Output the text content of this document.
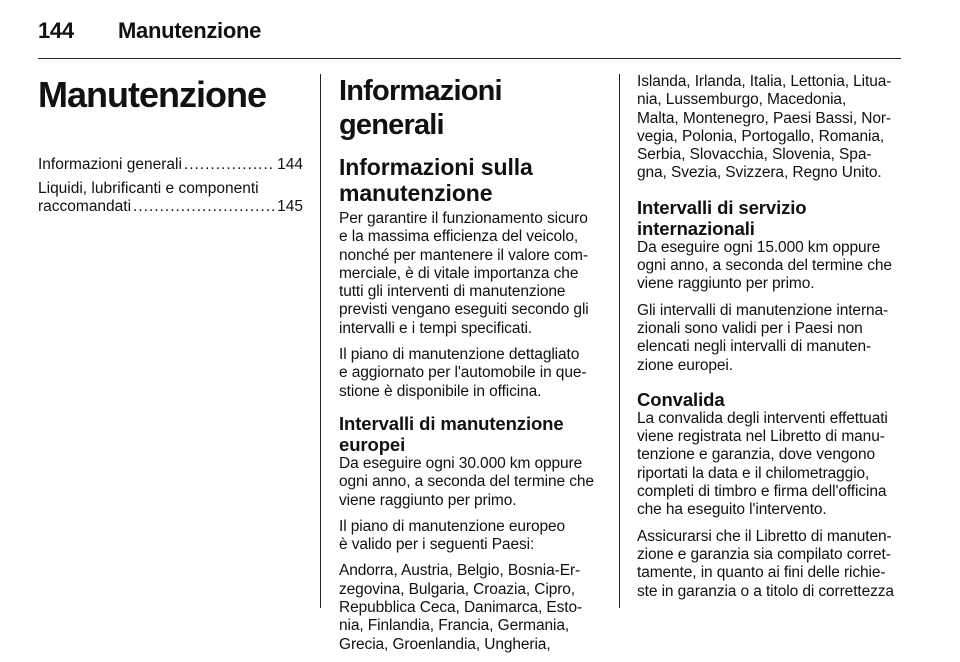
144 Manutenzione
Manutenzione
Informazioni generali .....	144
Liquidi, lubrificanti e componenti
raccomandati .....	145
Informazioni generali
Informazioni sulla
manutenzione
Per garantire il funzionamento sicuro
e la massima efficienza del veicolo,
nonché per mantenere il valore com-
merciale, è di vitale importanza che
tutti gli interventi di manutenzione
previsti vengano eseguiti secondo gli
intervalli e i tempi specificati.
Il piano di manutenzione dettagliato
e aggiornato per l'automobile in que-
stione è disponibile in officina.
Intervalli di manutenzione
europei
Da eseguire ogni 30.000 km oppure
ogni anno, a seconda del termine che
viene raggiunto per primo.
Il piano di manutenzione europeo
è valido per i seguenti Paesi:
Andorra, Austria, Belgio, Bosnia-Er-
zegovina, Bulgaria, Croazia, Cipro,
Repubblica Ceca, Danimarca, Esto-
nia, Finlandia, Francia, Germania,
Grecia, Groenlandia, Ungheria,
Islanda, Irlanda, Italia, Lettonia, Litua-
nia, Lussemburgo, Macedonia,
Malta, Montenegro, Paesi Bassi, Nor-
vegia, Polonia, Portogallo, Romania,
Serbia, Slovacchia, Slovenia, Spa-
gna, Svezia, Svizzera, Regno Unito.
Intervalli di servizio
internazionali
Da eseguire ogni 15.000 km oppure
ogni anno, a seconda del termine che
viene raggiunto per primo.
Gli intervalli di manutenzione interna-
zionali sono validi per i Paesi non
elencati negli intervalli di manuten-
zione europei.
Convalida
La convalida degli interventi effettuati
viene registrata nel Libretto di manu-
tenzione e garanzia, dove vengono
riportati la data e il chilometraggio,
completi di timbro e firma dell'officina
che ha eseguito l'intervento.
Assicurarsi che il Libretto di manuten-
zione e garanzia sia compilato corret-
tamente, in quanto ai fini delle richie-
ste in garanzia o a titolo di correttezza
